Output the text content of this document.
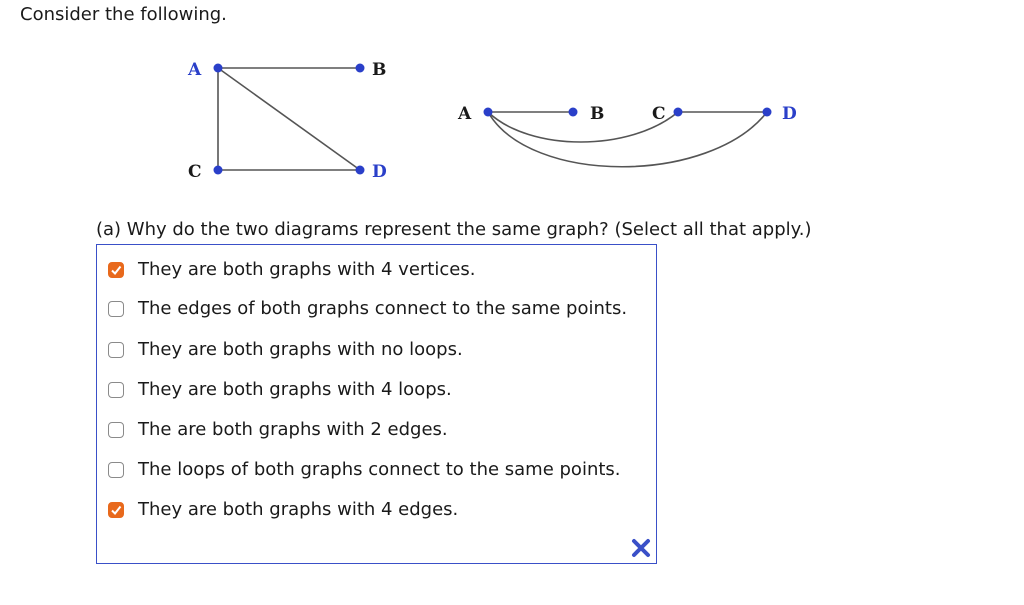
Consider the following.
A	B
C	D
A	B	C	D
(a) Why do the two diagrams represent the same graph? (Select all that apply.)
They are both graphs with 4 vertices.
The edges of both graphs connect to the same points.
They are both graphs with no loops.
They are both graphs with 4 loops.
The are both graphs with 2 edges.
The loops of both graphs connect to the same points.
They are both graphs with 4 edges.
